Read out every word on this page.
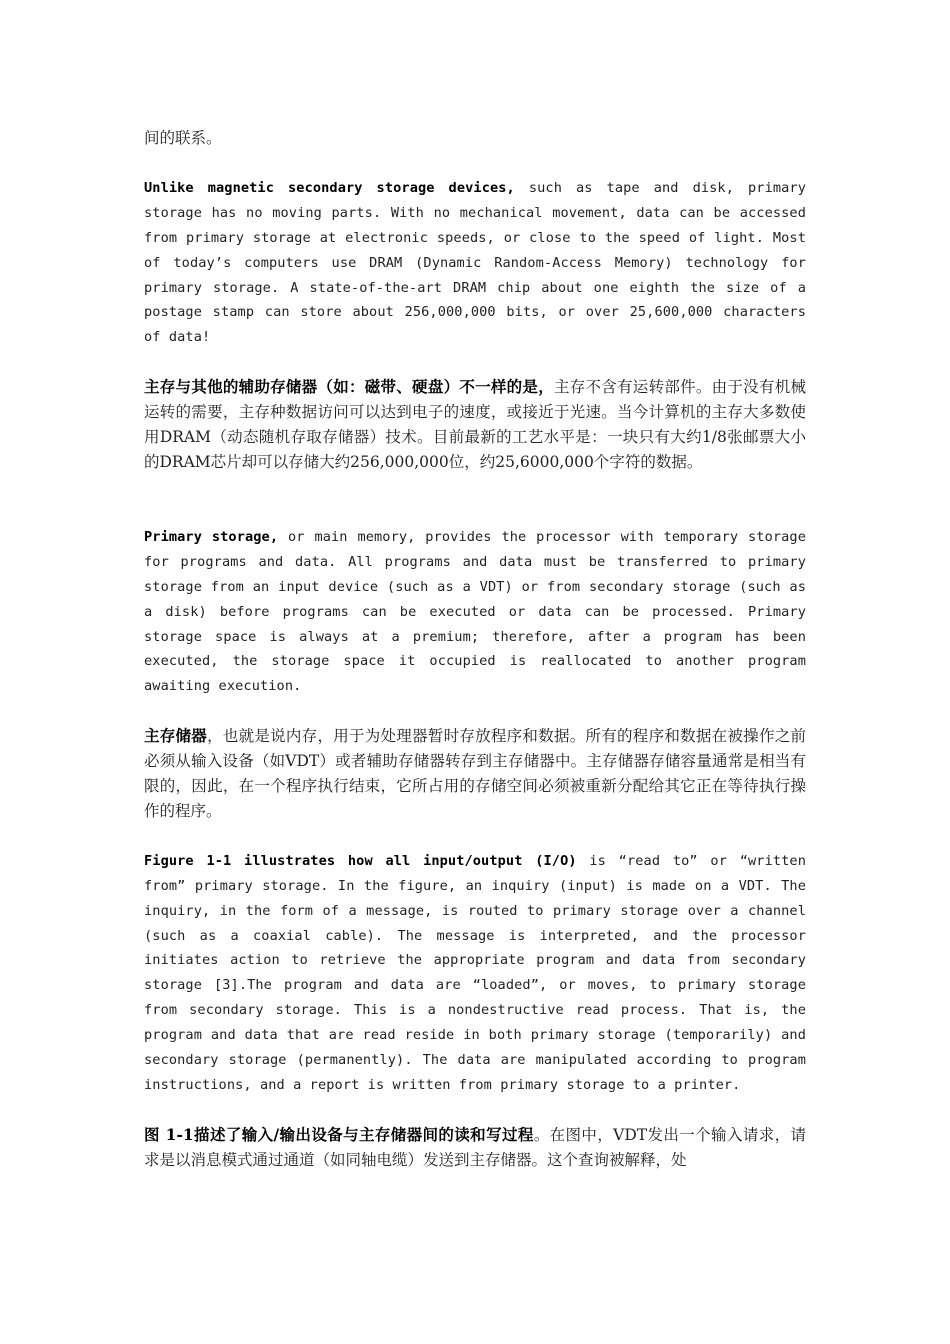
间的联系。

Unlike magnetic secondary storage devices, such as tape and disk, primary storage has no moving parts. With no mechanical movement, data can be accessed from primary storage at electronic speeds, or close to the speed of light. Most of today’s computers use DRAM (Dynamic Random-Access Memory) technology for primary storage. A state-of-the-art DRAM chip about one eighth the size of a postage stamp can store about 256,000,000 bits, or over 25,600,000 characters of data!

主存与其他的辅助存储器（如：磁带、硬盘）不一样的是，主存不含有运转部件。由于没有机械运转的需要，主存种数据访问可以达到电子的速度，或接近于光速。当今计算机的主存大多数使用DRAM（动态随机存取存储器）技术。目前最新的工艺水平是：一块只有大约1/8张邮票大小的DRAM芯片却可以存储大约256,000,000位，约25,6000,000个字符的数据。

Primary storage, or main memory, provides the processor with temporary storage for programs and data. All programs and data must be transferred to primary storage from an input device (such as a VDT) or from secondary storage (such as a disk) before programs can be executed or data can be processed. Primary storage space is always at a premium; therefore, after a program has been executed, the storage space it occupied is reallocated to another program awaiting execution.

主存储器，也就是说内存，用于为处理器暂时存放程序和数据。所有的程序和数据在被操作之前必须从输入设备（如VDT）或者辅助存储器转存到主存储器中。主存储器存储容量通常是相当有限的，因此，在一个程序执行结束，它所占用的存储空间必须被重新分配给其它正在等待执行操作的程序。

Figure 1-1 illustrates how all input/output (I/O) is “read to” or “written from” primary storage. In the figure, an inquiry (input) is made on a VDT. The inquiry, in the form of a message, is routed to primary storage over a channel (such as a coaxial cable). The message is interpreted, and the processor initiates action to retrieve the appropriate program and data from secondary storage [3].The program and data are “loaded”, or moves, to primary storage from secondary storage. This is a nondestructive read process. That is, the program and data that are read reside in both primary storage (temporarily) and secondary storage (permanently). The data are manipulated according to program instructions, and a report is written from primary storage to a printer.

图 1-1描述了输入/输出设备与主存储器间的读和写过程。在图中，VDT发出一个输入请求，请求是以消息模式通过通道（如同轴电缆）发送到主存储器。这个查询被解释，处
